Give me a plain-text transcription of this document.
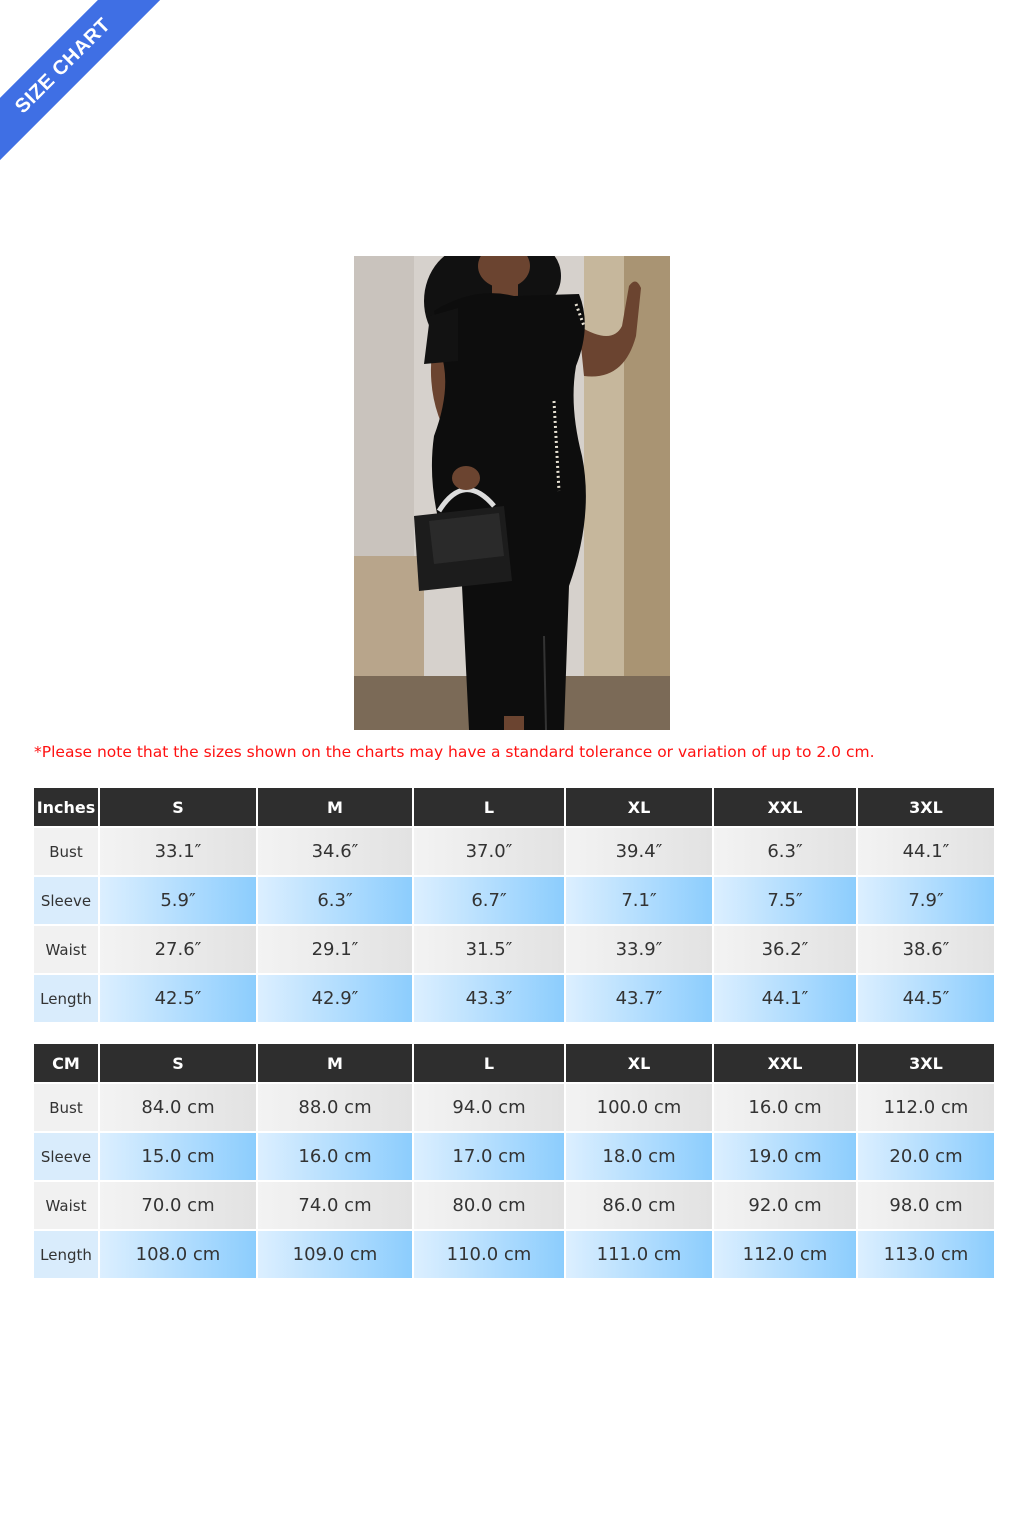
SIZE CHART
*Please note that the sizes shown on the charts may have a standard tolerance or variation of up to 2.0 cm.
Inches	S	M	L	XL	XXL	3XL
Bust	33.1″	34.6″	37.0″	39.4″	6.3″	44.1″
Sleeve	5.9″	6.3″	6.7″	7.1″	7.5″	7.9″
Waist	27.6″	29.1″	31.5″	33.9″	36.2″	38.6″
Length	42.5″	42.9″	43.3″	43.7″	44.1″	44.5″
CM	S	M	L	XL	XXL	3XL
Bust	84.0 cm	88.0 cm	94.0 cm	100.0 cm	16.0 cm	112.0 cm
Sleeve	15.0 cm	16.0 cm	17.0 cm	18.0 cm	19.0 cm	20.0 cm
Waist	70.0 cm	74.0 cm	80.0 cm	86.0 cm	92.0 cm	98.0 cm
Length	108.0 cm	109.0 cm	110.0 cm	111.0 cm	112.0 cm	113.0 cm
